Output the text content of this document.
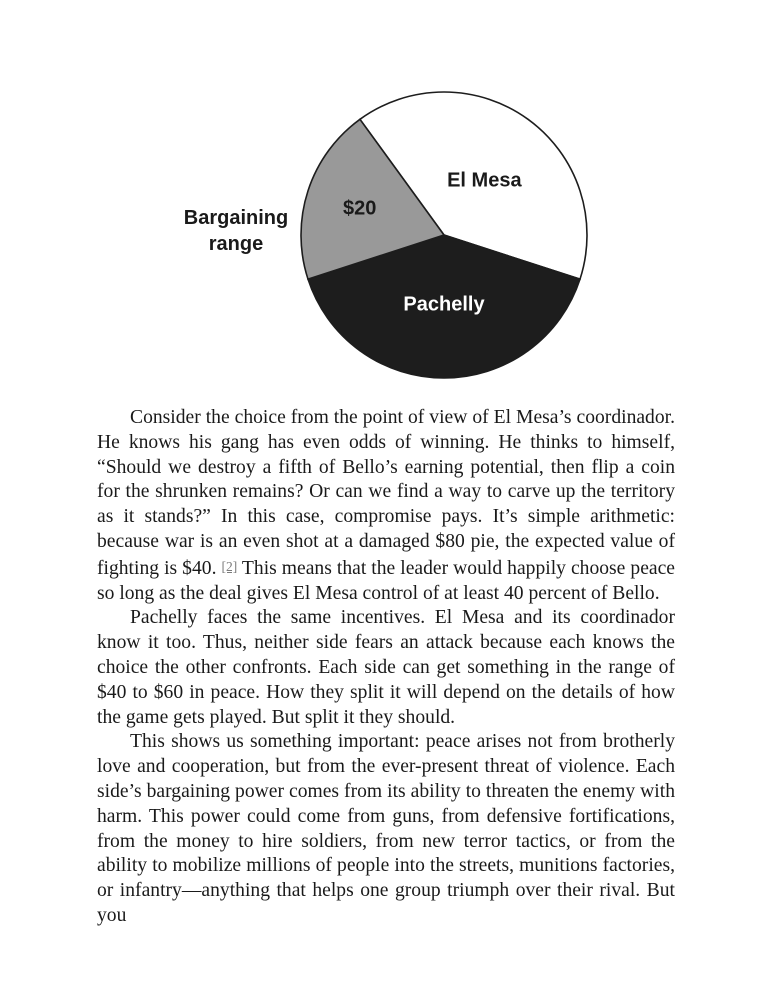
El Mesa
Pachelly
$20
Bargaining
range

Consider the choice from the point of view of El Mesa’s coordinador. He knows his gang has even odds of winning. He thinks to himself, “Should we destroy a fifth of Bello’s earning potential, then flip a coin for the shrunken remains? Or can we find a way to carve up the territory as it stands?” In this case, compromise pays. It’s simple arithmetic: because war is an even shot at a damaged $80 pie, the expected value of fighting is $40. [2] This means that the leader would happily choose peace so long as the deal gives El Mesa control of at least 40 percent of Bello.

Pachelly faces the same incentives. El Mesa and its coordinador know it too. Thus, neither side fears an attack because each knows the choice the other confronts. Each side can get something in the range of $40 to $60 in peace. How they split it will depend on the details of how the game gets played. But split it they should.

This shows us something important: peace arises not from brotherly love and cooperation, but from the ever-present threat of violence. Each side’s bargaining power comes from its ability to threaten the enemy with harm. This power could come from guns, from defensive fortifications, from the money to hire soldiers, from new terror tactics, or from the ability to mobilize millions of people into the streets, munitions factories, or infantry—anything that helps one group triumph over their rival. But you
